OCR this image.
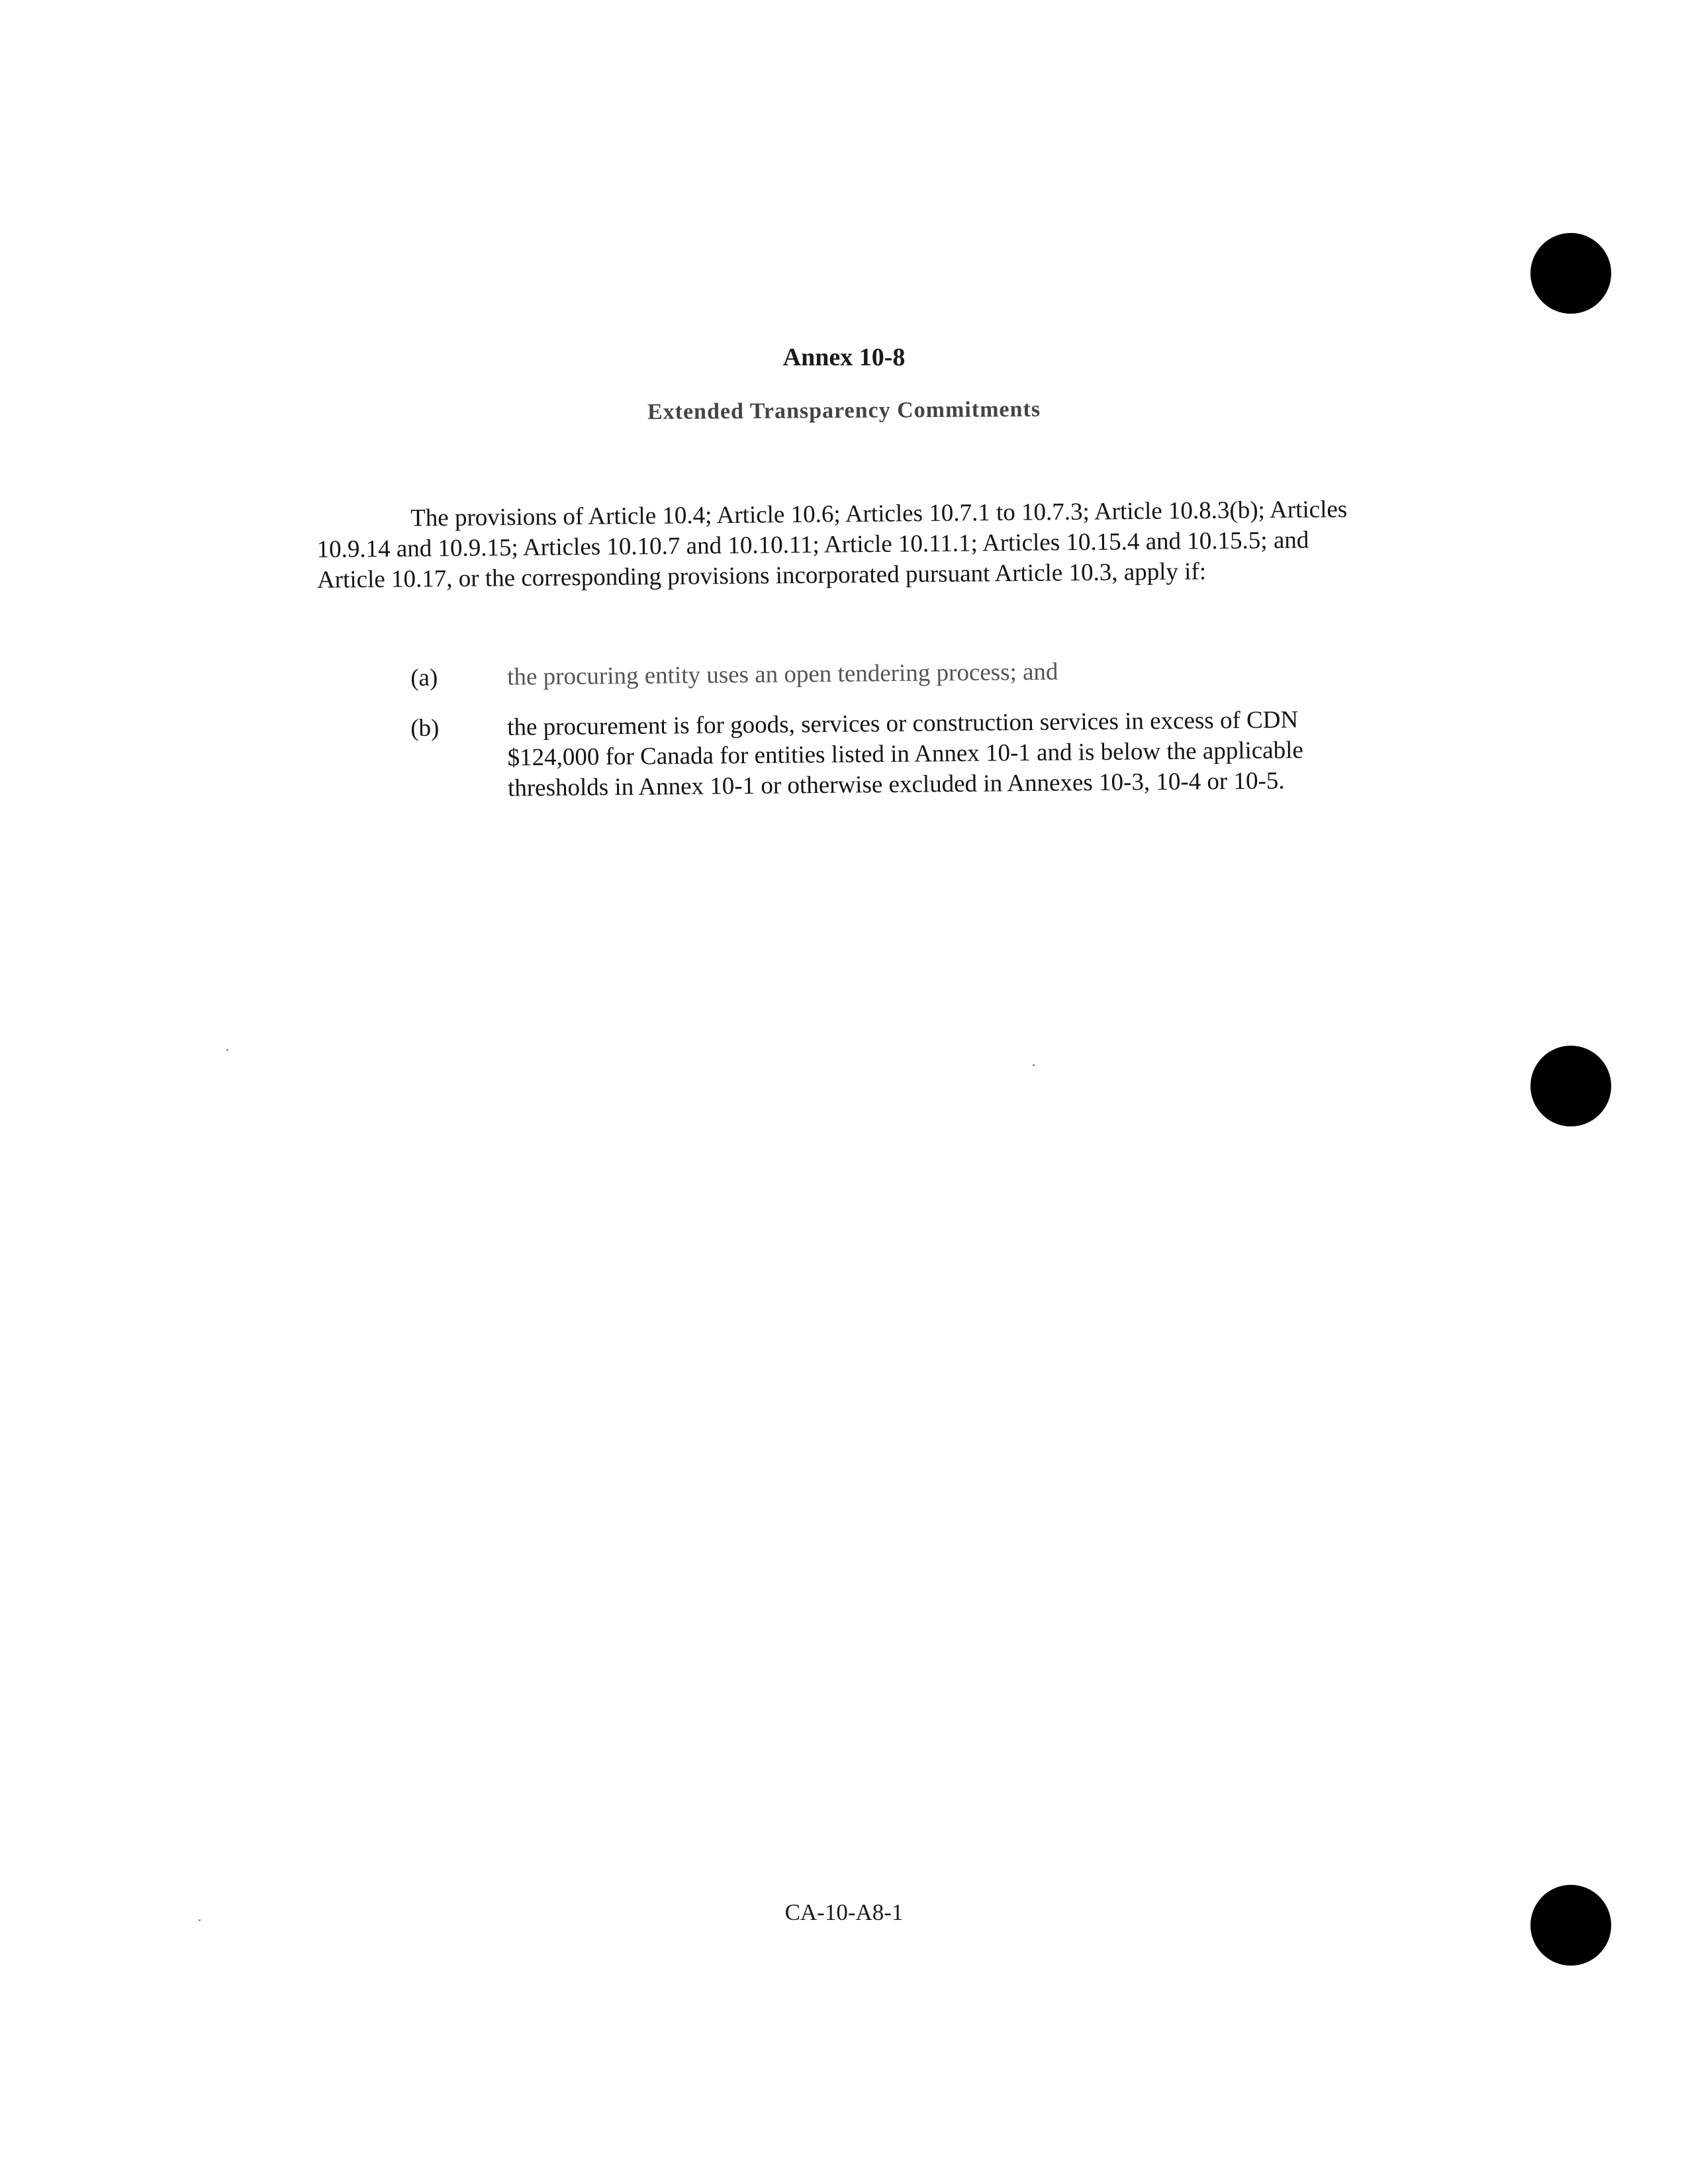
Annex 10-8
Extended Transparency Commitments
The provisions of Article 10.4; Article 10.6; Articles 10.7.1 to 10.7.3; Article 10.8.3(b); Articles 10.9.14 and 10.9.15; Articles 10.10.7 and 10.10.11; Article 10.11.1; Articles 10.15.4 and 10.15.5; and Article 10.17, or the corresponding provisions incorporated pursuant Article 10.3, apply if:
(a)	the procuring entity uses an open tendering process; and
(b)	the procurement is for goods, services or construction services in excess of CDN $124,000 for Canada for entities listed in Annex 10-1 and is below the applicable thresholds in Annex 10-1 or otherwise excluded in Annexes 10-3, 10-4 or 10-5.
CA-10-A8-1
